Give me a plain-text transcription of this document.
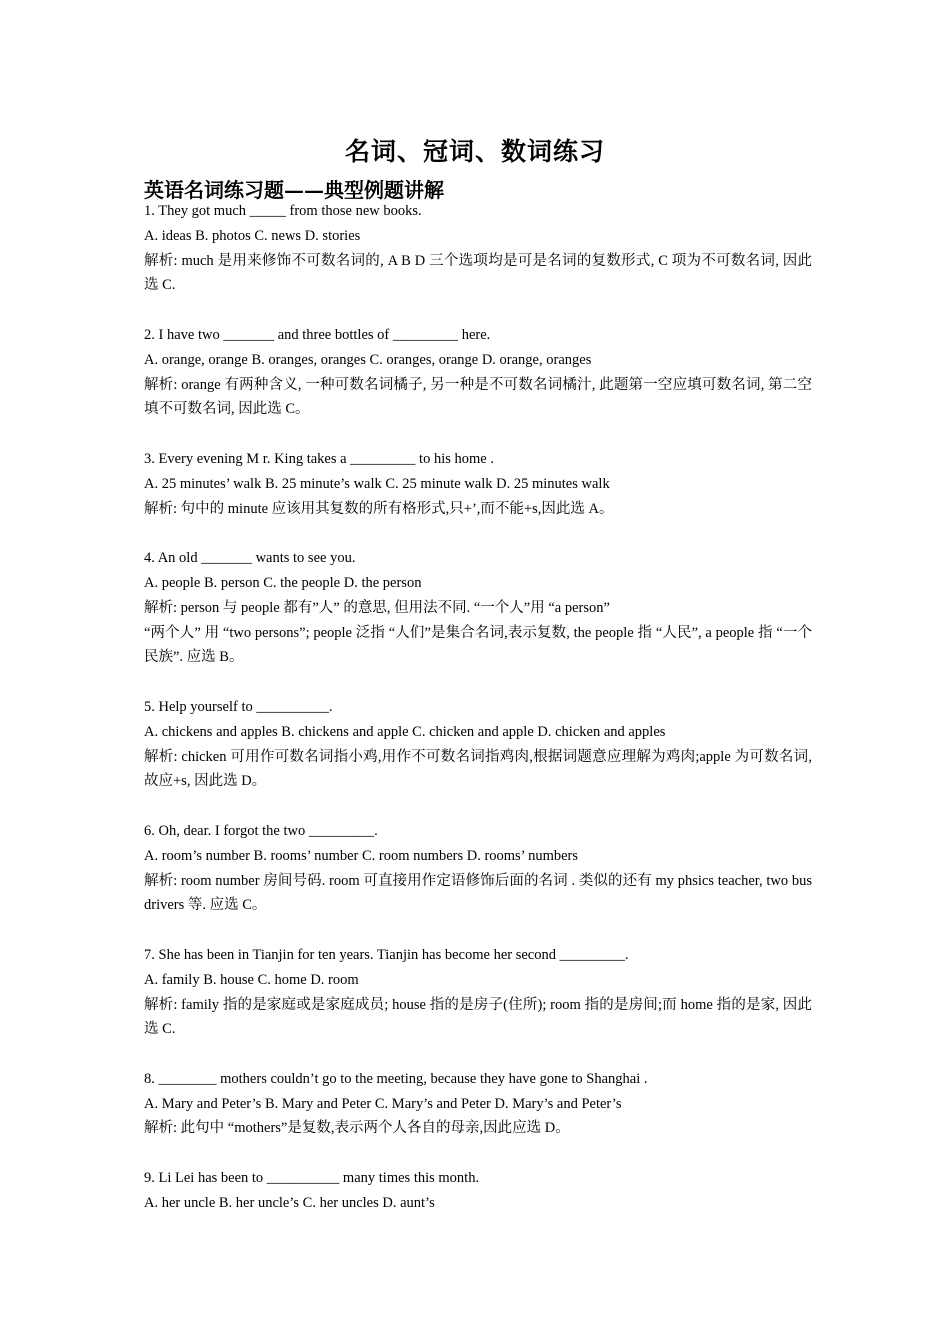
名词、冠词、数词练习
英语名词练习题——典型例题讲解

1. They got much _____ from those new books.

A. ideas B. photos C. news D. stories

解析: much 是用来修饰不可数名词的, A B D 三个选项均是可是名词的复数形式, C 项为不可数名词, 因此选 C.

2. I have two _______ and three bottles of _________ here.

A. orange, orange B. oranges, oranges C. oranges, orange D. orange, oranges

解析: orange 有两种含义, 一种可数名词橘子, 另一种是不可数名词橘汁, 此题第一空应填可数名词, 第二空填不可数名词, 因此选 C。

3. Every evening M r. King takes a _________ to his home .

A. 25 minutes’ walk B. 25 minute’s walk C. 25 minute walk D. 25 minutes walk

解析: 句中的 minute 应该用其复数的所有格形式,只+’,而不能+s,因此选 A。

4. An old _______ wants to see you.

A. people B. person C. the people D. the person

解析: person 与 people 都有”人” 的意思, 但用法不同. “一个人”用 “a person”

“两个人” 用 “two persons”; people 泛指 “人们”是集合名词,表示复数, the people 指 “人民”, a people 指 “一个民族”. 应选 B。

5. Help yourself to __________.

A. chickens and apples B. chickens and apple C. chicken and apple D. chicken and apples

解析: chicken 可用作可数名词指小鸡,用作不可数名词指鸡肉,根据词题意应理解为鸡肉;apple 为可数名词, 故应+s, 因此选 D。

6. Oh, dear. I forgot the two _________.

A. room’s number B. rooms’ number C. room numbers D. rooms’ numbers

解析: room number 房间号码. room 可直接用作定语修饰后面的名词 . 类似的还有 my phsics teacher, two bus drivers 等. 应选 C。

7. She has been in Tianjin for ten years. Tianjin has become her second _________.

A. family B. house C. home D. room

解析: family 指的是家庭或是家庭成员; house 指的是房子(住所); room 指的是房间;而 home 指的是家, 因此选 C.

8. ________ mothers couldn’t go to the meeting, because they have gone to Shanghai .

A. Mary and Peter’s B. Mary and Peter C. Mary’s and Peter D. Mary’s and Peter’s

解析: 此句中 “mothers”是复数,表示两个人各自的母亲,因此应选 D。

9. Li Lei has been to __________ many times this month.

A. her uncle B. her uncle’s C. her uncles D. aunt’s
